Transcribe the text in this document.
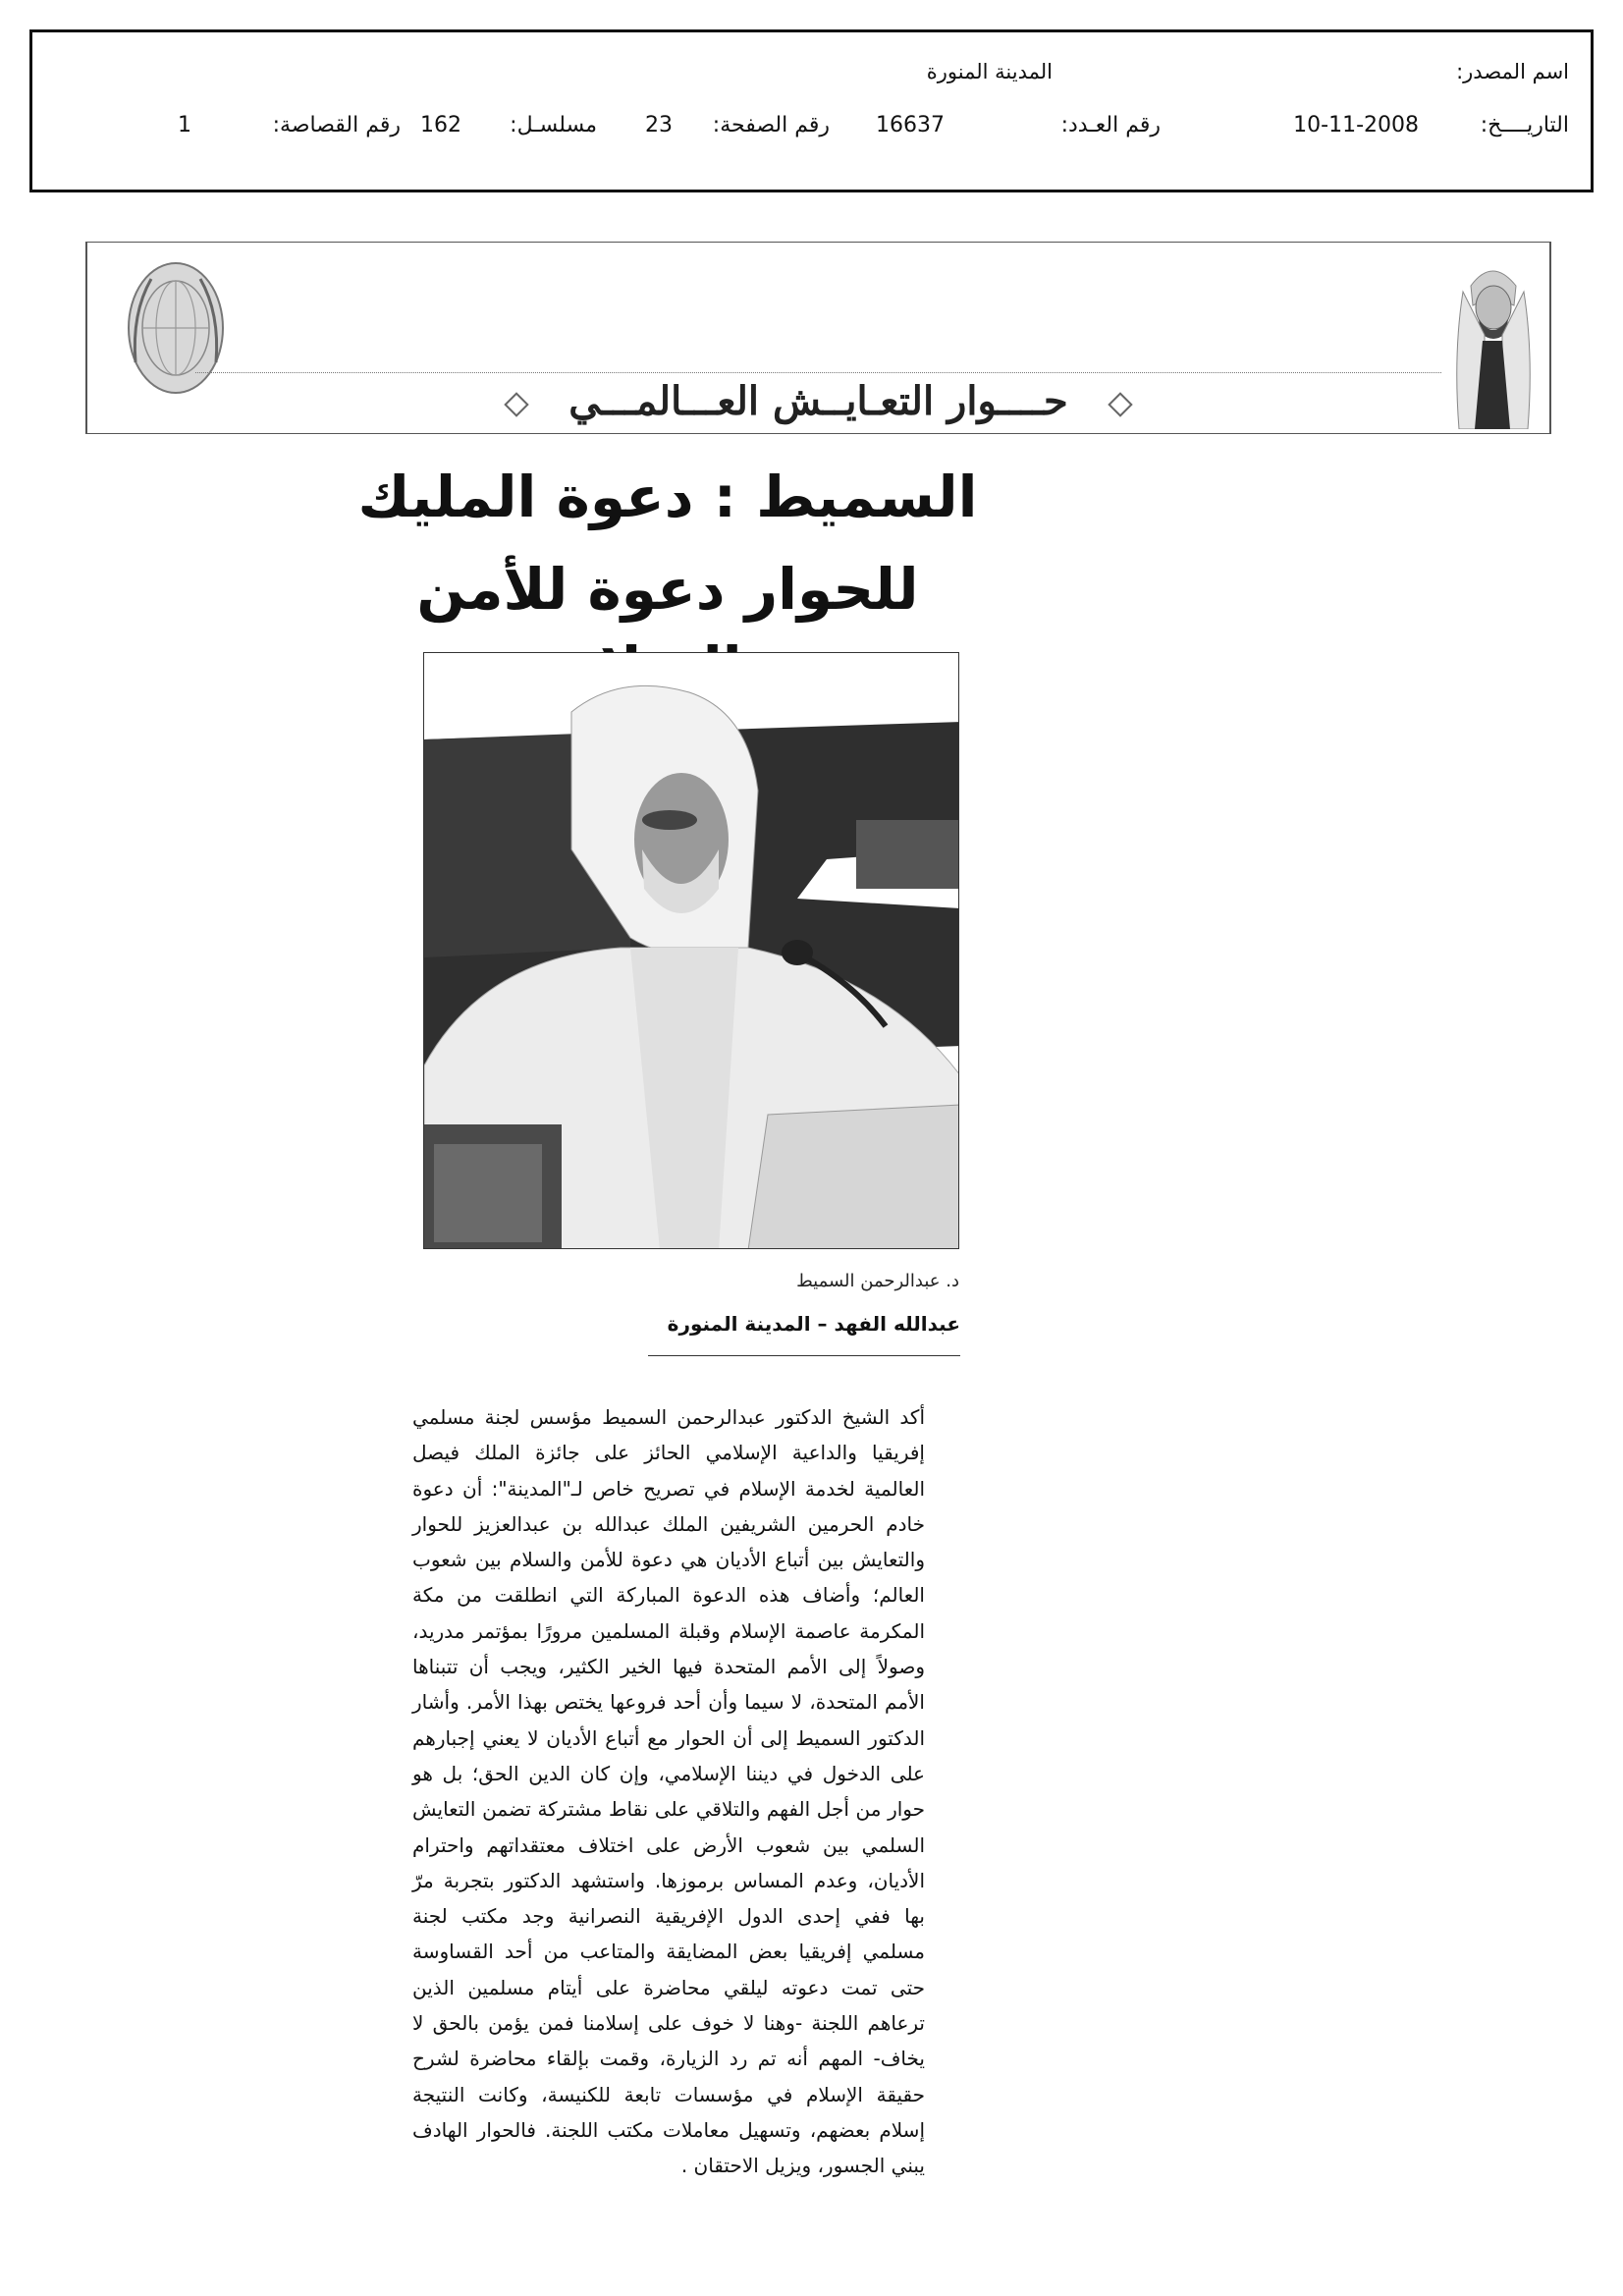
اسم المصدر:
المدينة المنورة
التاريــــخ:
10-11-2008
رقم العـدد:
16637
رقم الصفحة:
23
مسلسـل:
162
رقم القصاصة:
1
حــــوار التعـايــش العـــالمـــي
السميط : دعوة المليك
للحوار دعوة للأمن
د. عبدالرحمن السميط
عبدالله الفهد – المدينة المنورة

أكد الشيخ الدكتور عبدالرحمن السميط مؤسس لجنة مسلمي إفريقيا والداعية الإسلامي الحائز على جائزة الملك فيصل العالمية لخدمة الإسلام في تصريح خاص لـ"المدينة": أن دعوة خادم الحرمين الشريفين الملك عبدالله بن عبدالعزيز للحوار والتعايش بين أتباع الأديان هي دعوة للأمن والسلام بين شعوب العالم؛ وأضاف هذه الدعوة المباركة التي انطلقت من مكة المكرمة عاصمة الإسلام وقبلة المسلمين مرورًا بمؤتمر مدريد، وصولاً إلى الأمم المتحدة فيها الخير الكثير، ويجب أن تتبناها الأمم المتحدة، لا سيما وأن أحد فروعها يختص بهذا الأمر. وأشار الدكتور السميط إلى أن الحوار مع أتباع الأديان لا يعني إجبارهم على الدخول في ديننا الإسلامي، وإن كان الدين الحق؛ بل هو حوار من أجل الفهم والتلاقي على نقاط مشتركة تضمن التعايش السلمي بين شعوب الأرض على اختلاف معتقداتهم واحترام الأديان، وعدم المساس برموزها. واستشهد الدكتور بتجربة مرّ بها ففي إحدى الدول الإفريقية النصرانية وجد مكتب لجنة مسلمي إفريقيا بعض المضايقة والمتاعب من أحد القساوسة حتى تمت دعوته ليلقي محاضرة على أيتام مسلمين الذين ترعاهم اللجنة -وهنا لا خوف على إسلامنا فمن يؤمن بالحق لا يخاف- المهم أنه تم رد الزيارة، وقمت بإلقاء محاضرة لشرح حقيقة الإسلام في مؤسسات تابعة للكنيسة، وكانت النتيجة إسلام بعضهم، وتسهيل معاملات مكتب اللجنة. فالحوار الهادف يبني الجسور، ويزيل الاحتقان .
